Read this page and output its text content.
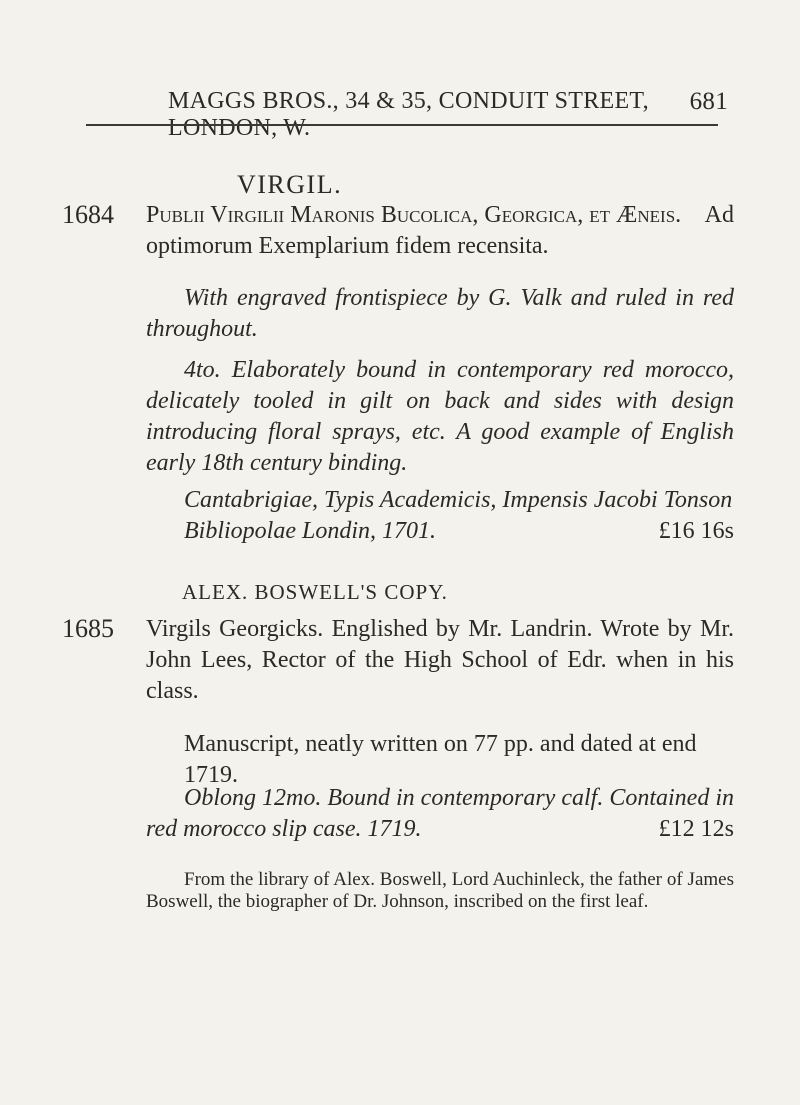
MAGGS BROS., 34 & 35, CONDUIT STREET, LONDON, W.
681
VIRGIL.
1684 Publii Virgilii Maronis Bucolica, Georgica, et Æneis. Ad
optimorum Exemplarium fidem recensita.
With engraved frontispiece by G. Valk and ruled in red throughout.
4to. Elaborately bound in contemporary red morocco, delicately tooled in gilt on back and sides with design introducing floral sprays, etc. A good example of English early 18th century binding.
Cantabrigiae, Typis Academicis, Impensis Jacobi Tonson Bibliopolae Londin, 1701.	£16 16s
ALEX. BOSWELL'S COPY.
1685 Virgils Georgicks. Englished by Mr. Landrin. Wrote by Mr. John Lees, Rector of the High School of Edr. when in his class.
Manuscript, neatly written on 77 pp. and dated at end 1719.
Oblong 12mo. Bound in contemporary calf. Contained in red morocco slip case. 1719.	£12 12s
From the library of Alex. Boswell, Lord Auchinleck, the father of James Boswell, the biographer of Dr. Johnson, inscribed on the first leaf.
